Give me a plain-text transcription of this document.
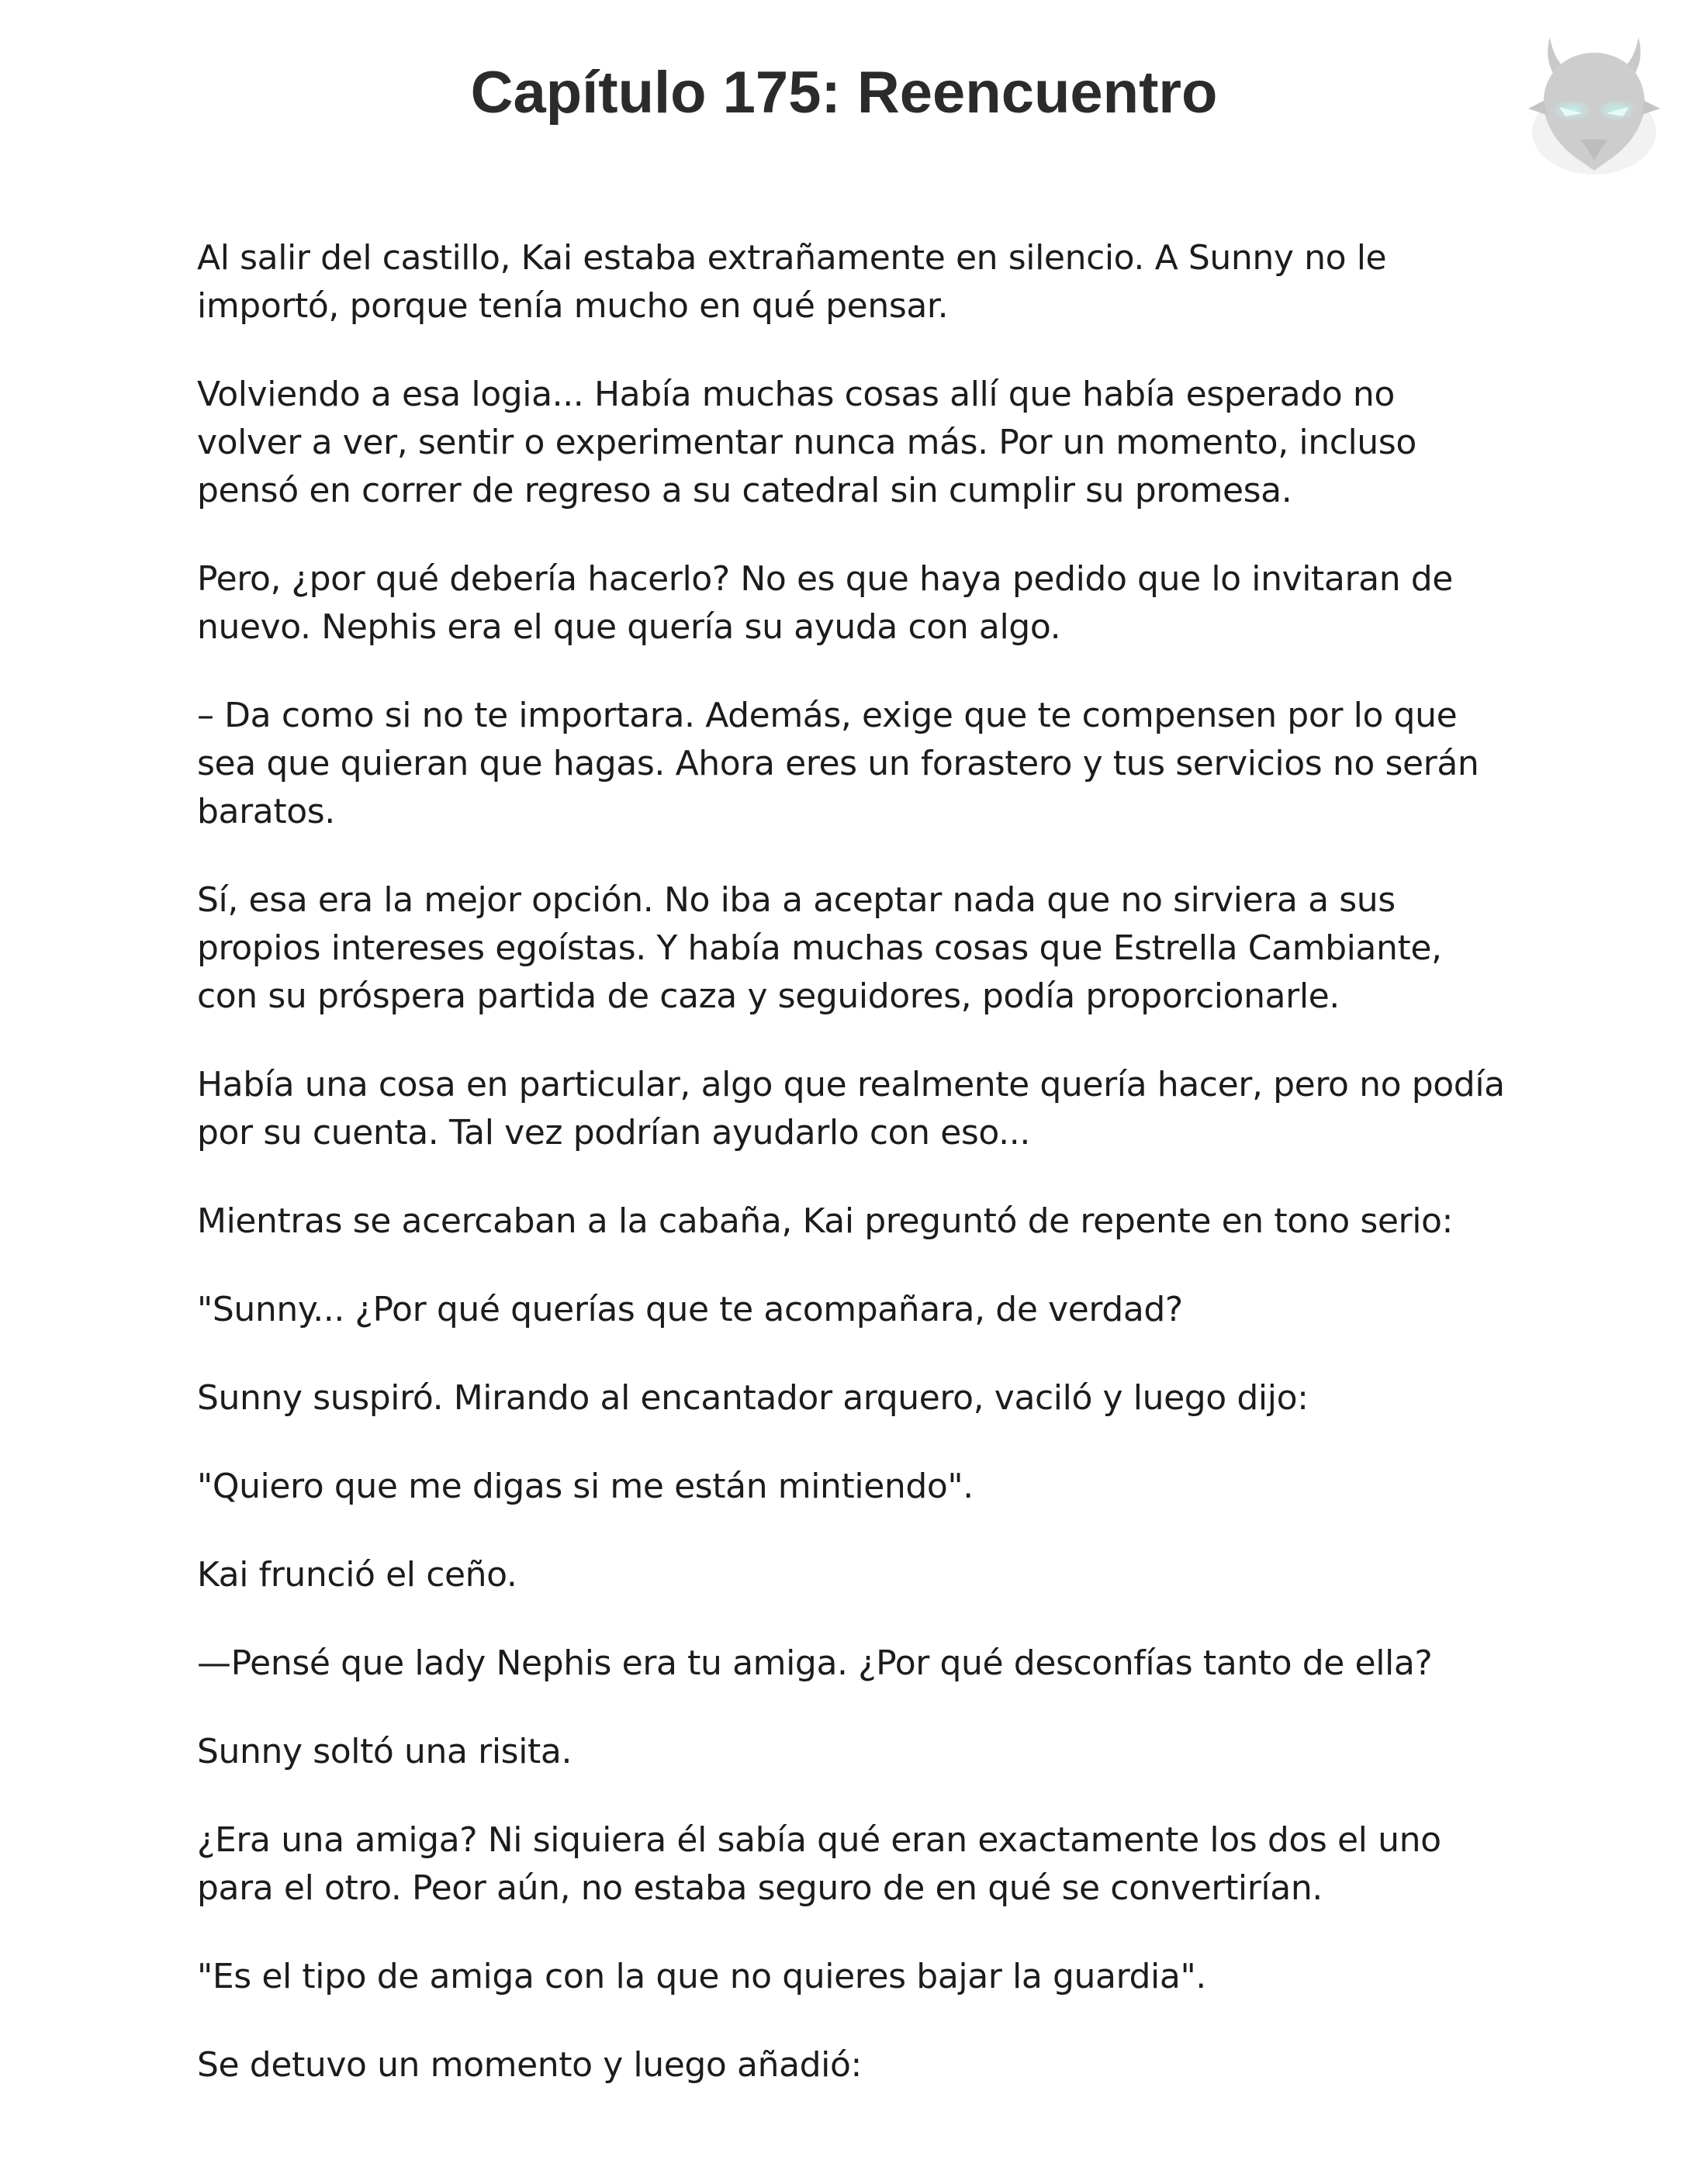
Capítulo 175: Reencuentro

Al salir del castillo, Kai estaba extrañamente en silencio. A Sunny no le importó, porque tenía mucho en qué pensar.

Volviendo a esa logia... Había muchas cosas allí que había esperado no volver a ver, sentir o experimentar nunca más. Por un momento, incluso pensó en correr de regreso a su catedral sin cumplir su promesa.

Pero, ¿por qué debería hacerlo? No es que haya pedido que lo invitaran de nuevo. Nephis era el que quería su ayuda con algo.

– Da como si no te importara. Además, exige que te compensen por lo que sea que quieran que hagas. Ahora eres un forastero y tus servicios no serán baratos.

Sí, esa era la mejor opción. No iba a aceptar nada que no sirviera a sus propios intereses egoístas. Y había muchas cosas que Estrella Cambiante, con su próspera partida de caza y seguidores, podía proporcionarle.

Había una cosa en particular, algo que realmente quería hacer, pero no podía por su cuenta. Tal vez podrían ayudarlo con eso...

Mientras se acercaban a la cabaña, Kai preguntó de repente en tono serio:

"Sunny... ¿Por qué querías que te acompañara, de verdad?

Sunny suspiró. Mirando al encantador arquero, vaciló y luego dijo:

"Quiero que me digas si me están mintiendo".

Kai frunció el ceño.

—Pensé que lady Nephis era tu amiga. ¿Por qué desconfías tanto de ella?

Sunny soltó una risita.

¿Era una amiga? Ni siquiera él sabía qué eran exactamente los dos el uno para el otro. Peor aún, no estaba seguro de en qué se convertirían.

"Es el tipo de amiga con la que no quieres bajar la guardia".

Se detuvo un momento y luego añadió:
